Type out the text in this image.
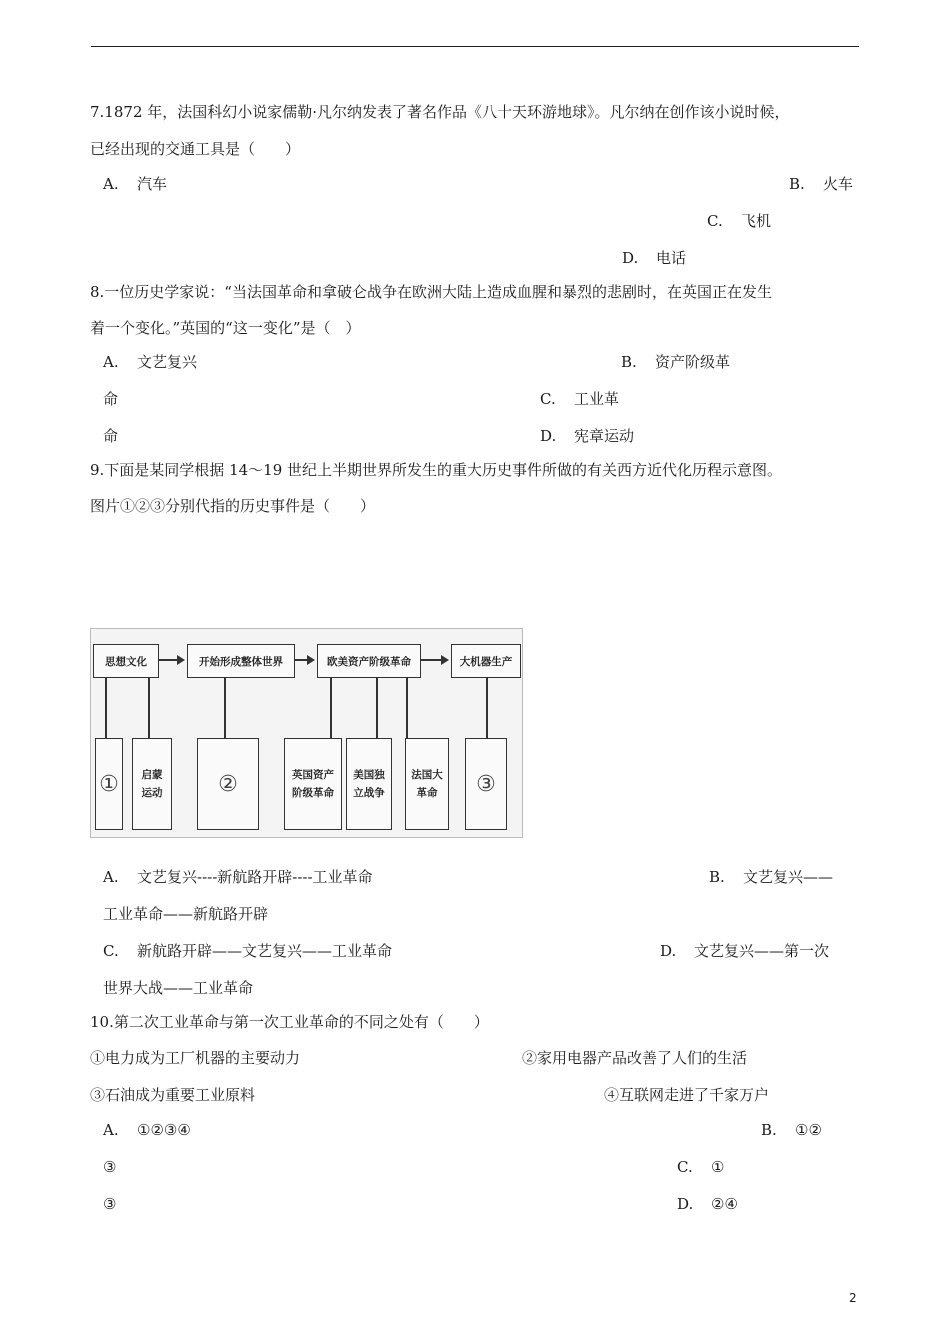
7.1872 年，法国科幻小说家儒勒·凡尔纳发表了著名作品《八十天环游地球》。凡尔纳在创作该小说时候，
已经出现的交通工具是（　　）
A. 汽车	B. 火车
C. 飞机
D. 电话
8.一位历史学家说：“当法国革命和拿破仑战争在欧洲大陆上造成血腥和暴烈的悲剧时，在英国正在发生
着一个变化。”英国的“这一变化”是（　）
A. 文艺复兴	B. 资产阶级革
命	C. 工业革
命	D. 宪章运动
9.下面是某同学根据 14～19 世纪上半期世界所发生的重大历史事件所做的有关西方近代化历程示意图。
图片①②③分别代指的历史事件是（　　）
思想文化	开始形成整体世界	欧美资产阶级革命	大机器生产
①	启蒙运动	②	英国资产阶级革命
美国独立战争
法国大革命	③
A. 文艺复兴----新航路开辟----工业革命	B. 文艺复兴——
工业革命——新航路开辟
C. 新航路开辟——文艺复兴——工业革命	D. 文艺复兴——第一次
世界大战——工业革命
10.第二次工业革命与第一次工业革命的不同之处有（　　）
①电力成为工厂机器的主要动力	②家用电器产品改善了人们的生活
③石油成为重要工业原料	④互联网走进了千家万户
A. ①②③④	B. ①②
③	C. ①
③	D. ②④
2
